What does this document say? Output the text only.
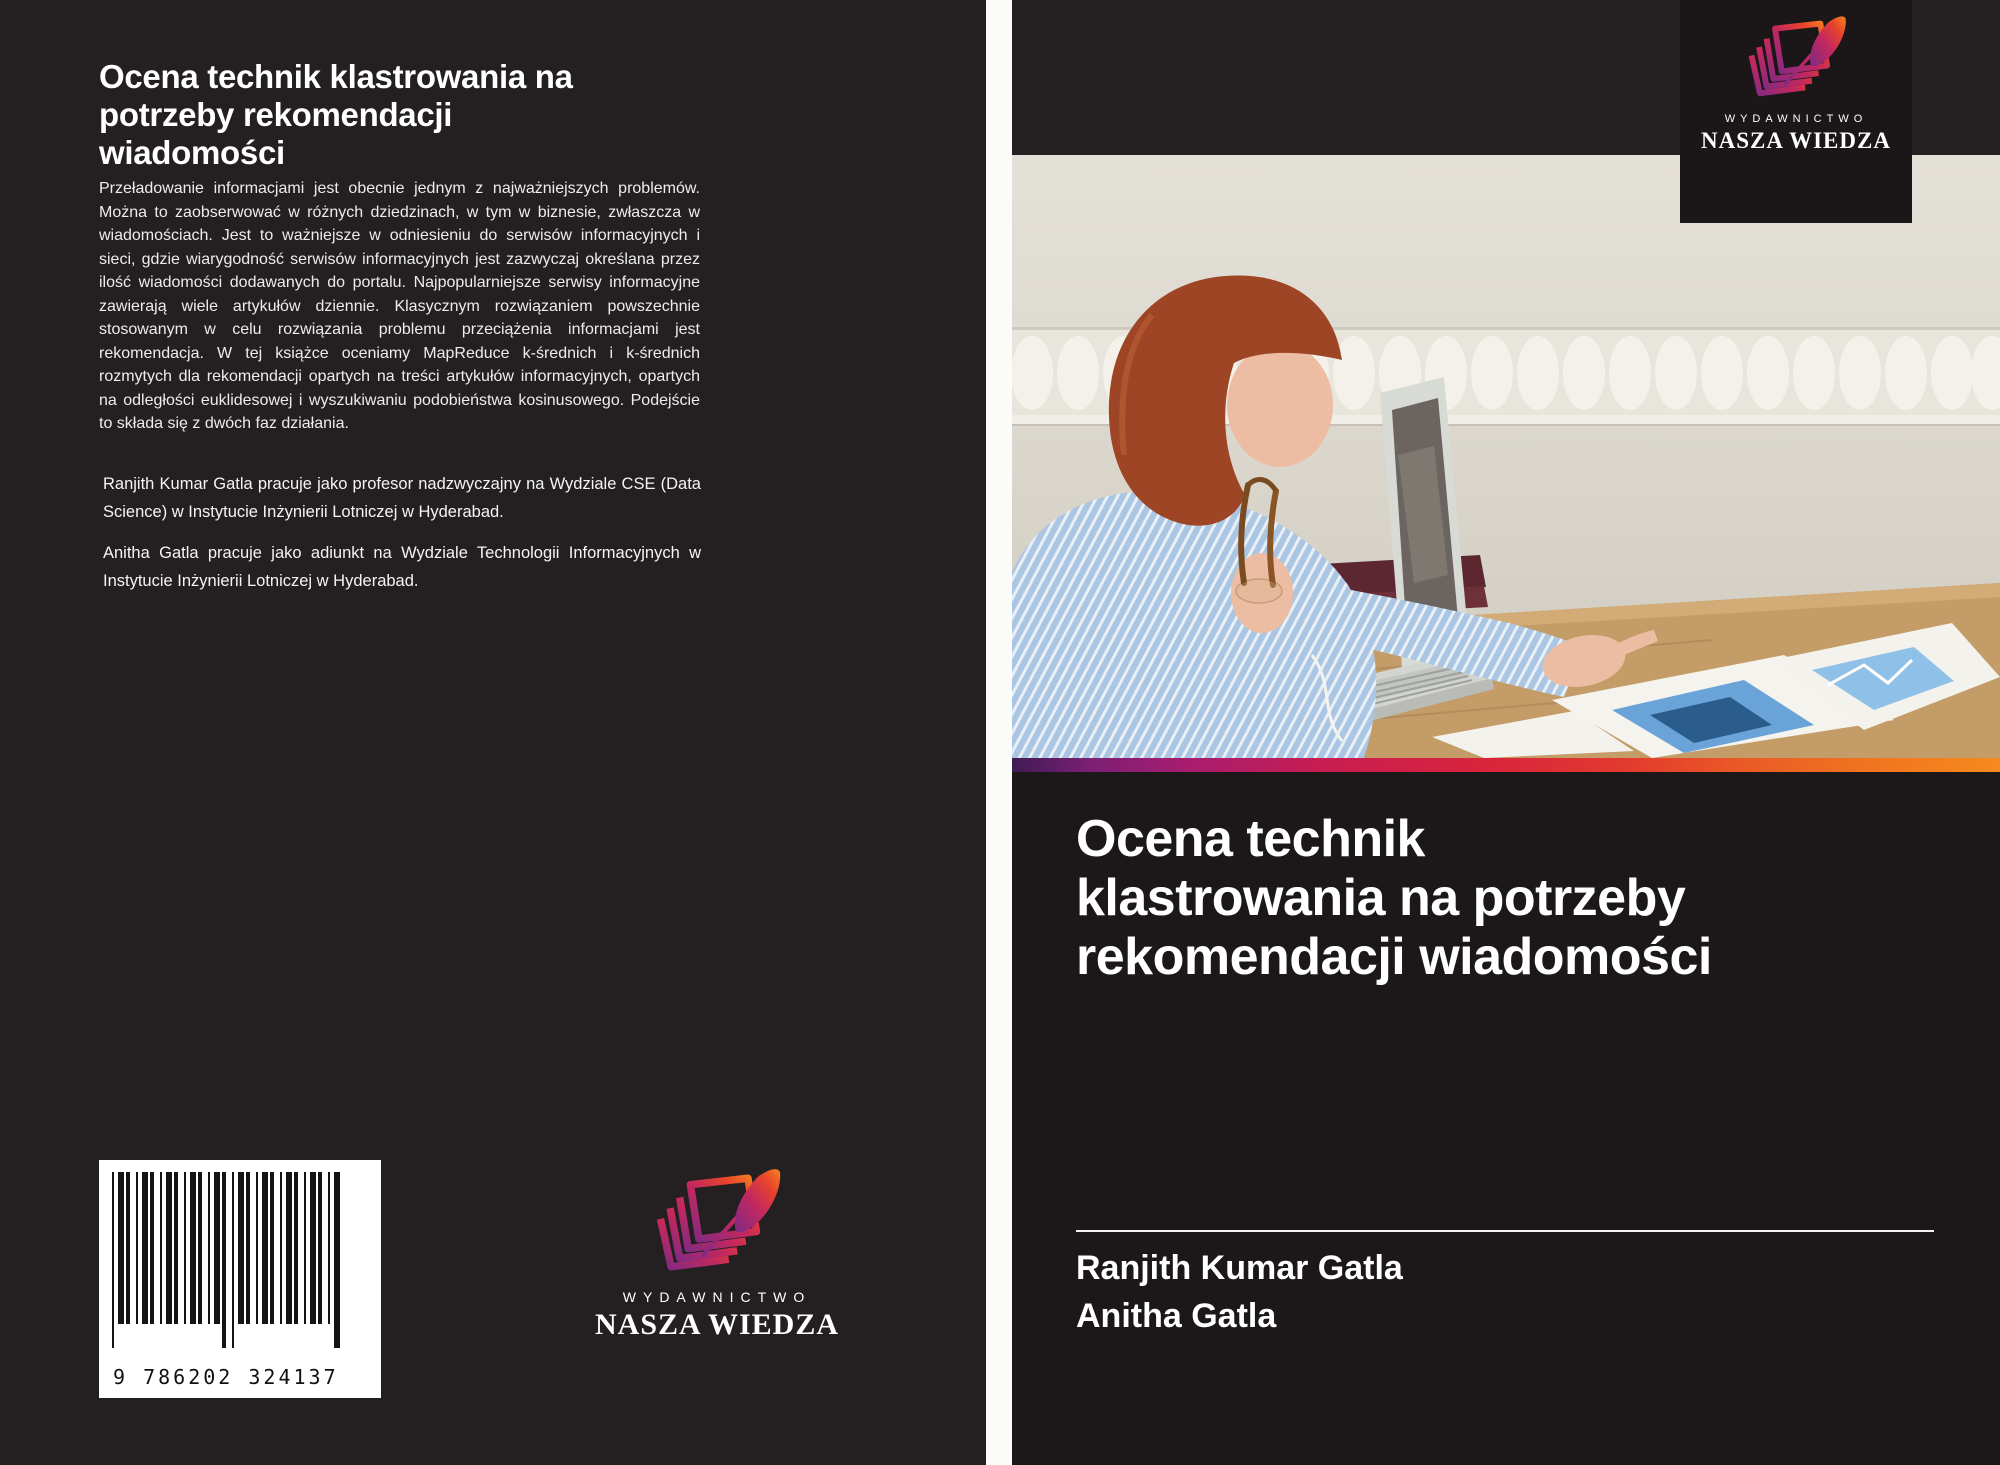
Ocena technik klastrowania na
potrzeby rekomendacji
wiadomości
Przeładowanie informacjami jest obecnie jednym z najważniejszych problemów. Można to zaobserwować w różnych dziedzinach, w tym w biznesie, zwłaszcza w wiadomościach. Jest to ważniejsze w odniesieniu do serwisów informacyjnych i sieci, gdzie wiarygodność serwisów informacyjnych jest zazwyczaj określana przez ilość wiadomości dodawanych do portalu. Najpopularniejsze serwisy informacyjne zawierają wiele artykułów dziennie. Klasycznym rozwiązaniem powszechnie stosowanym w celu rozwiązania problemu przeciążenia informacjami jest rekomendacja. W tej książce oceniamy MapReduce k-średnich i k-średnich rozmytych dla rekomendacji opartych na treści artykułów informacyjnych, opartych na odległości euklidesowej i wyszukiwaniu podobieństwa kosinusowego. Podejście to składa się z dwóch faz działania.

Ranjith Kumar Gatla pracuje jako profesor nadzwyczajny na Wydziale CSE (Data Science) w Instytucie Inżynierii Lotniczej w Hyderabad.

Anitha Gatla pracuje jako adiunkt na Wydziale Technologii Informacyjnych w Instytucie Inżynierii Lotniczej w Hyderabad.

9 786202 324137
WYDAWNICTWO
NASZA WIEDZA
WYDAWNICTWO
NASZA WIEDZA
Ocena technik
klastrowania na potrzeby
rekomendacji wiadomości
Ranjith Kumar Gatla
Anitha Gatla
